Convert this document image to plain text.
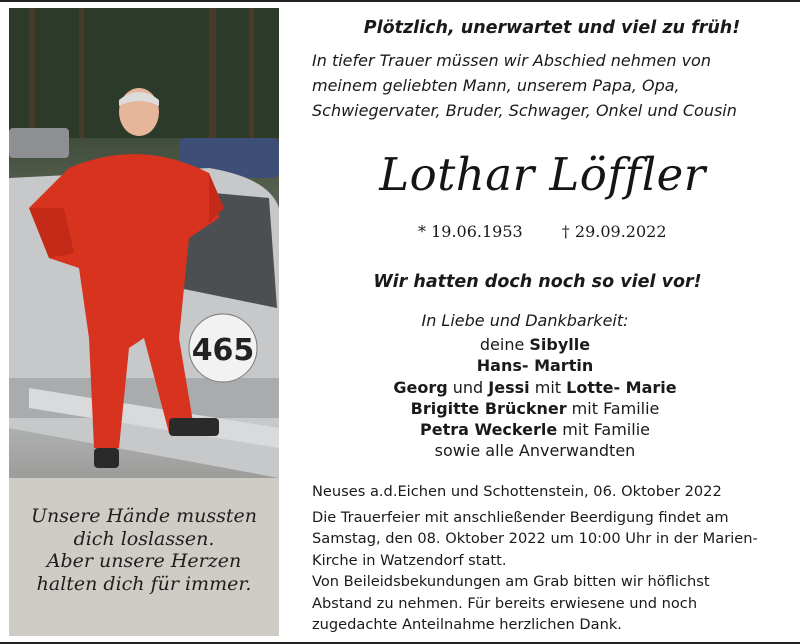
465
Unsere Hände mussten
dich loslassen.
Aber unsere Herzen
halten dich für immer.
Plötzlich, unerwartet und viel zu früh!
In tiefer Trauer müssen wir Abschied nehmen von
meinem geliebten Mann, unserem Papa, Opa,
Schwiegervater, Bruder, Schwager, Onkel und Cousin
Lothar Löffler
* 19.06.1953 † 29.09.2022
Wir hatten doch noch so viel vor!
In Liebe und Dankbarkeit:
deine Sibylle
Hans- Martin
Georg und Jessi mit Lotte- Marie
Brigitte Brückner mit Familie
Petra Weckerle mit Familie
sowie alle Anverwandten
Neuses a.d.Eichen und Schottenstein, 06. Oktober 2022
Die Trauerfeier mit anschließender Beerdigung findet am
Samstag, den 08. Oktober 2022 um 10:00 Uhr in der Marien-
Kirche in Watzendorf statt.
Von Beileidsbekundungen am Grab bitten wir höflichst
Abstand zu nehmen. Für bereits erwiesene und noch
zugedachte Anteilnahme herzlichen Dank.
